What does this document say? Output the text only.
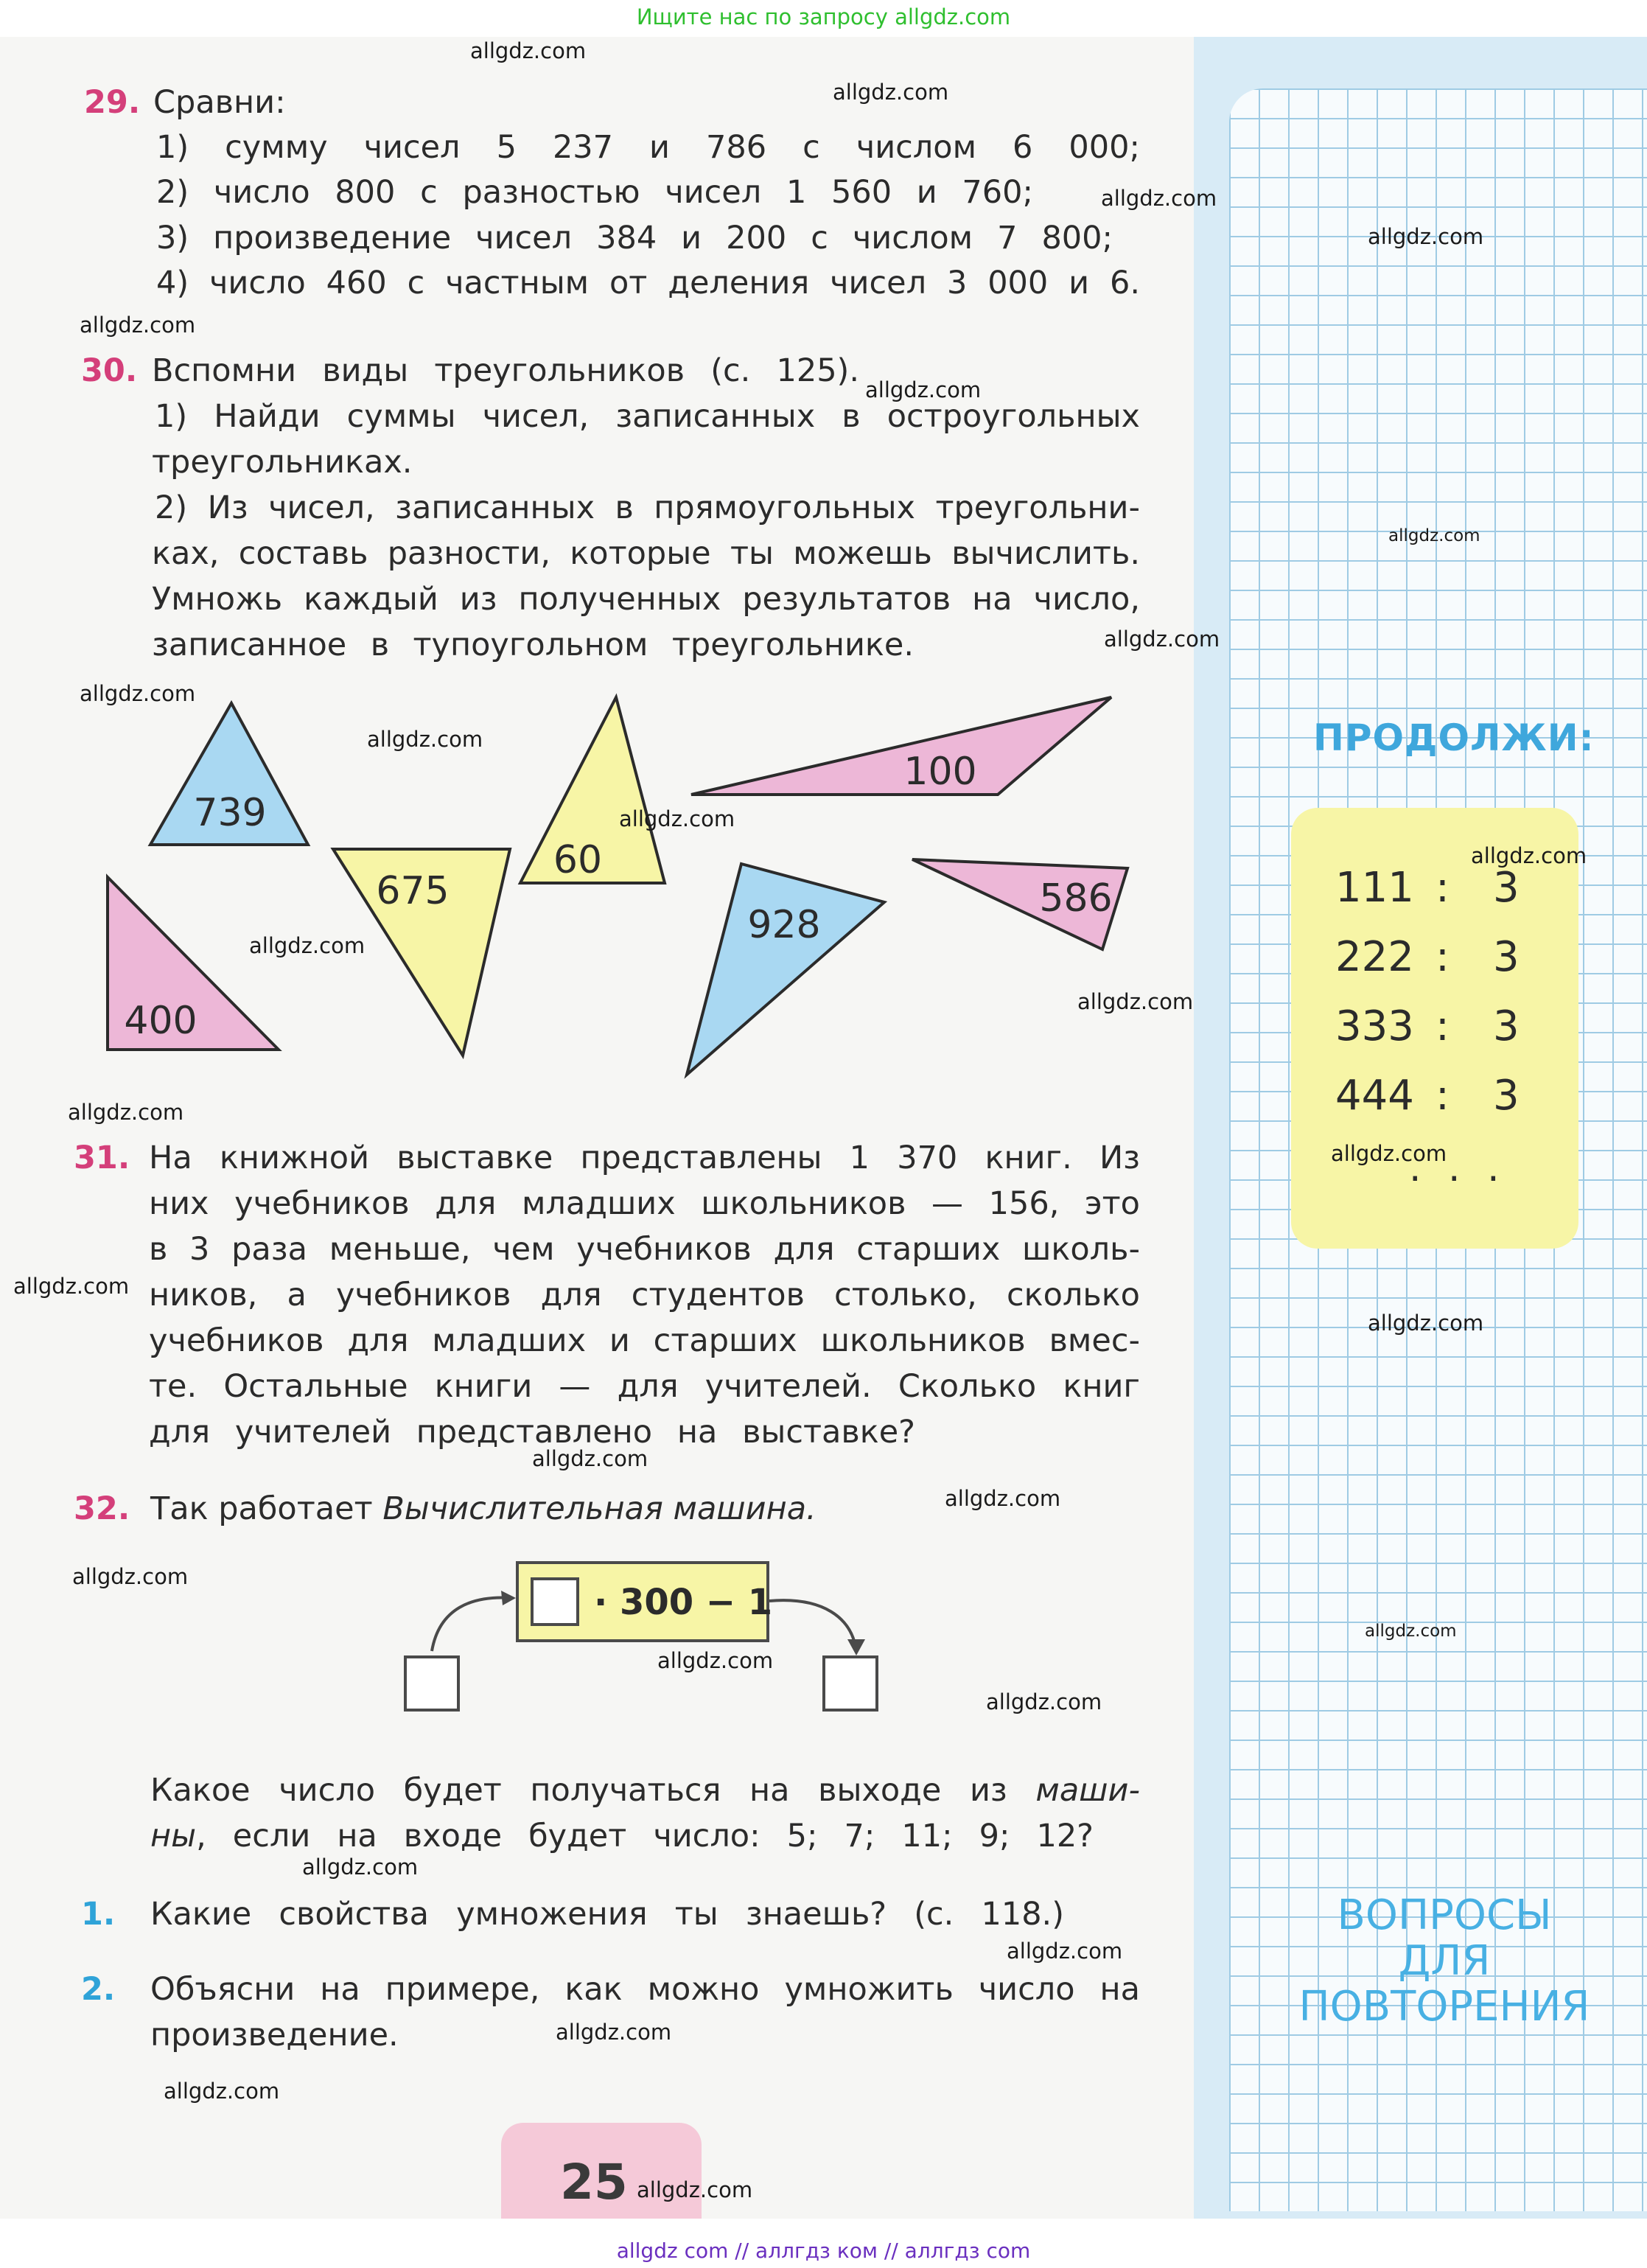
Ищите нас по запросу allgdz.com
29. Сравни:
1) сумму чисел 5 237 и 786 с числом 6 000;
2) число 800 с разностью чисел 1 560 и 760;
3) произведение чисел 384 и 200 с числом 7 800;
4) число 460 с частным от деления чисел 3 000 и 6.
30. Вспомни виды треугольников (с. 125).
1) Найди суммы чисел, записанных в остроугольных
треугольниках.
2) Из чисел, записанных в прямоугольных треугольни-
ках, составь разности, которые ты можешь вычислить.
Умножь каждый из полученных результатов на число,
записанное в тупоугольном треугольнике.
739
675
60
100
928
586
400
31. На книжной выставке представлены 1 370 книг. Из
них учебников для младших школьников — 156, это
в 3 раза меньше, чем учебников для старших школь-
ников, а учебников для студентов столько, сколько
учебников для младших и старших школьников вмес-
те. Остальные книги — для учителей. Сколько книг
для учителей представлено на выставке?
32. Так работает Вычислительная машина.
· 300 − 1
Какое число будет получаться на выходе из маши-
ны, если на входе будет число: 5; 7; 11; 9; 12?
1. Какие свойства умножения ты знаешь? (с. 118.)
2. Объясни на примере, как можно умножить число на
произведение.
ПРОДОЛЖИ:
111 : 3
222 : 3
333 : 3
444 : 3
· · ·
ВОПРОСЫ
ДЛЯ
ПОВТОРЕНИЯ
25
allgdz.com
allgdz.com
allgdz.com
allgdz.com
allgdz.com
allgdz.com
allgdz.com
allgdz.com
allgdz.com
allgdz.com
allgdz.com
allgdz.com
allgdz.com
allgdz.com
allgdz.com
allgdz.com
allgdz.com
allgdz.com
allgdz.com
allgdz.com
allgdz.com
allgdz.com
allgdz.com
allgdz.com
allgdz.com
allgdz.com
allgdz.com
allgdz.com
allgdz.com
allgdz com // аллгдз ком // аллгдз com
